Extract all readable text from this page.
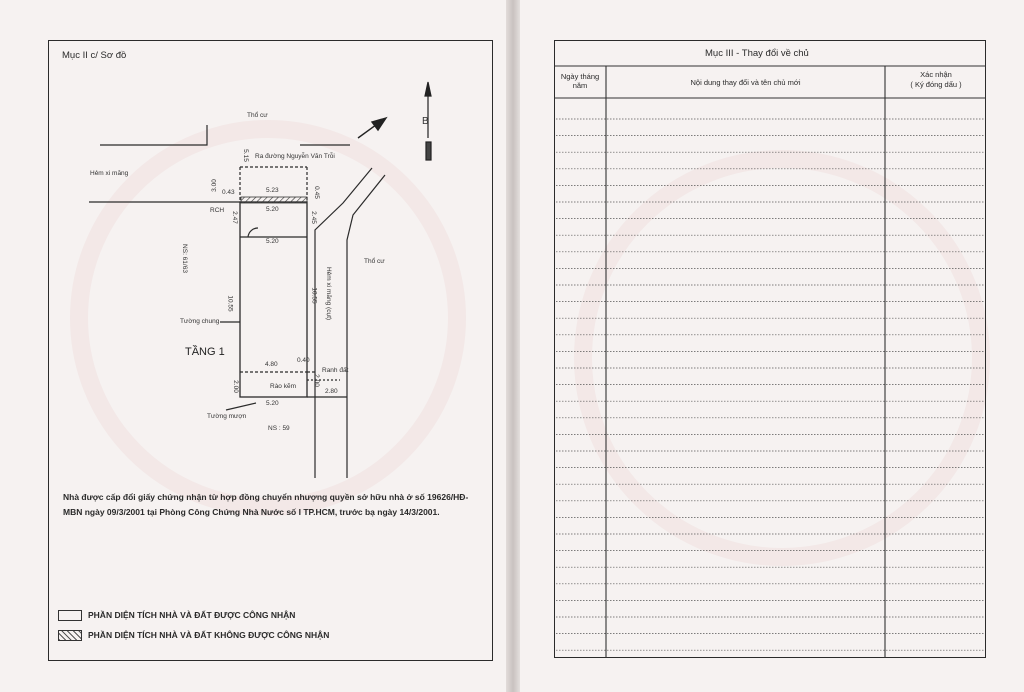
Mục II c/ Sơ đồ
Thổ cư
Ra đường Nguyễn Văn Trỗi
Hẻm xi măng
5.15
3.00
0.43	5.23	0.45
RCH	5.20
2.47	2.45
5.20
NS: 61/63	Thổ cư
Hẻm xi măng (cụt)
10.55	10.55
Tường chung
TẦNG 1
4.80
0.40
Ranh đất
2.00	Rào kẽm	2.00
2.80
5.20
Tường mượn
NS : 59
B
Nhà được cấp đổi giấy chứng nhận từ hợp đồng chuyển nhượng quyền sở hữu nhà ở số 19626/HĐ-MBN ngày 09/3/2001 tại Phòng Công Chứng Nhà Nước số I TP.HCM, trước bạ ngày 14/3/2001.
PHẦN DIỆN TÍCH NHÀ VÀ ĐẤT ĐƯỢC CÔNG NHẬN
PHẦN DIỆN TÍCH NHÀ VÀ ĐẤT KHÔNG ĐƯỢC CÔNG NHẬN
Mục III - Thay đổi về chủ
Ngày tháng năm	Nội dung thay đổi và tên chủ mới
Xác nhận
( Ký đóng dấu )
